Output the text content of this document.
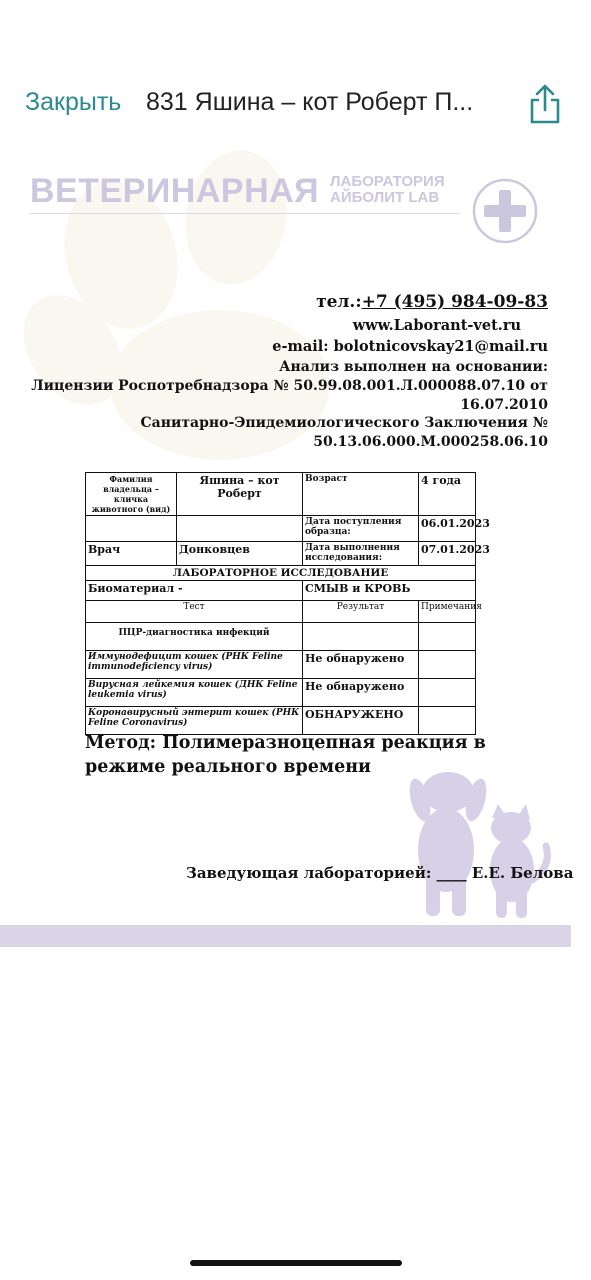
Закрыть 831 Яшина – кот Роберт П...
ВЕТЕРИНАРНАЯ ЛАБОРАТОРИЯ
АЙБОЛИТ LAB
тел.:+7 (495) 984-09-83
www.Laborant-vet.ru
e-mail: bolotnicovskay21@mail.ru
Анализ выполнен на основании:
Лицензии Роспотребнадзора № 50.99.08.001.Л.000088.07.10 от
16.07.2010
Санитарно-Эпидемиологического Заключения №
50.13.06.000.М.000258.06.10
Фамилия владельца – кличка животного (вид)	Яшина – кот Роберт	Возраст	4 года
		Дата поступления образца:	06.01.2023
Врач	Донковцев	Дата выполнения исследования:	07.01.2023
ЛАБОРАТОРНОЕ ИССЛЕДОВАНИЕ			
Биоматериал -		СМЫВ и КРОВЬ	
Тест		Результат	Примечания
ПЦР-диагностика инфекций			
Иммунодефицит кошек (РНК Feline immunodeficiency virus)		Не обнаружено	
Вирусная лейкемия кошек (ДНК Feline leukemia virus)		Не обнаружено	
Коронавирусный энтерит кошек (РНК Feline Coronavirus)		ОБНАРУЖЕНО	
Метод: Полимеразноцепная реакция в режиме реального времени
Заведующая лабораторией: ____ Е.Е. Белова
